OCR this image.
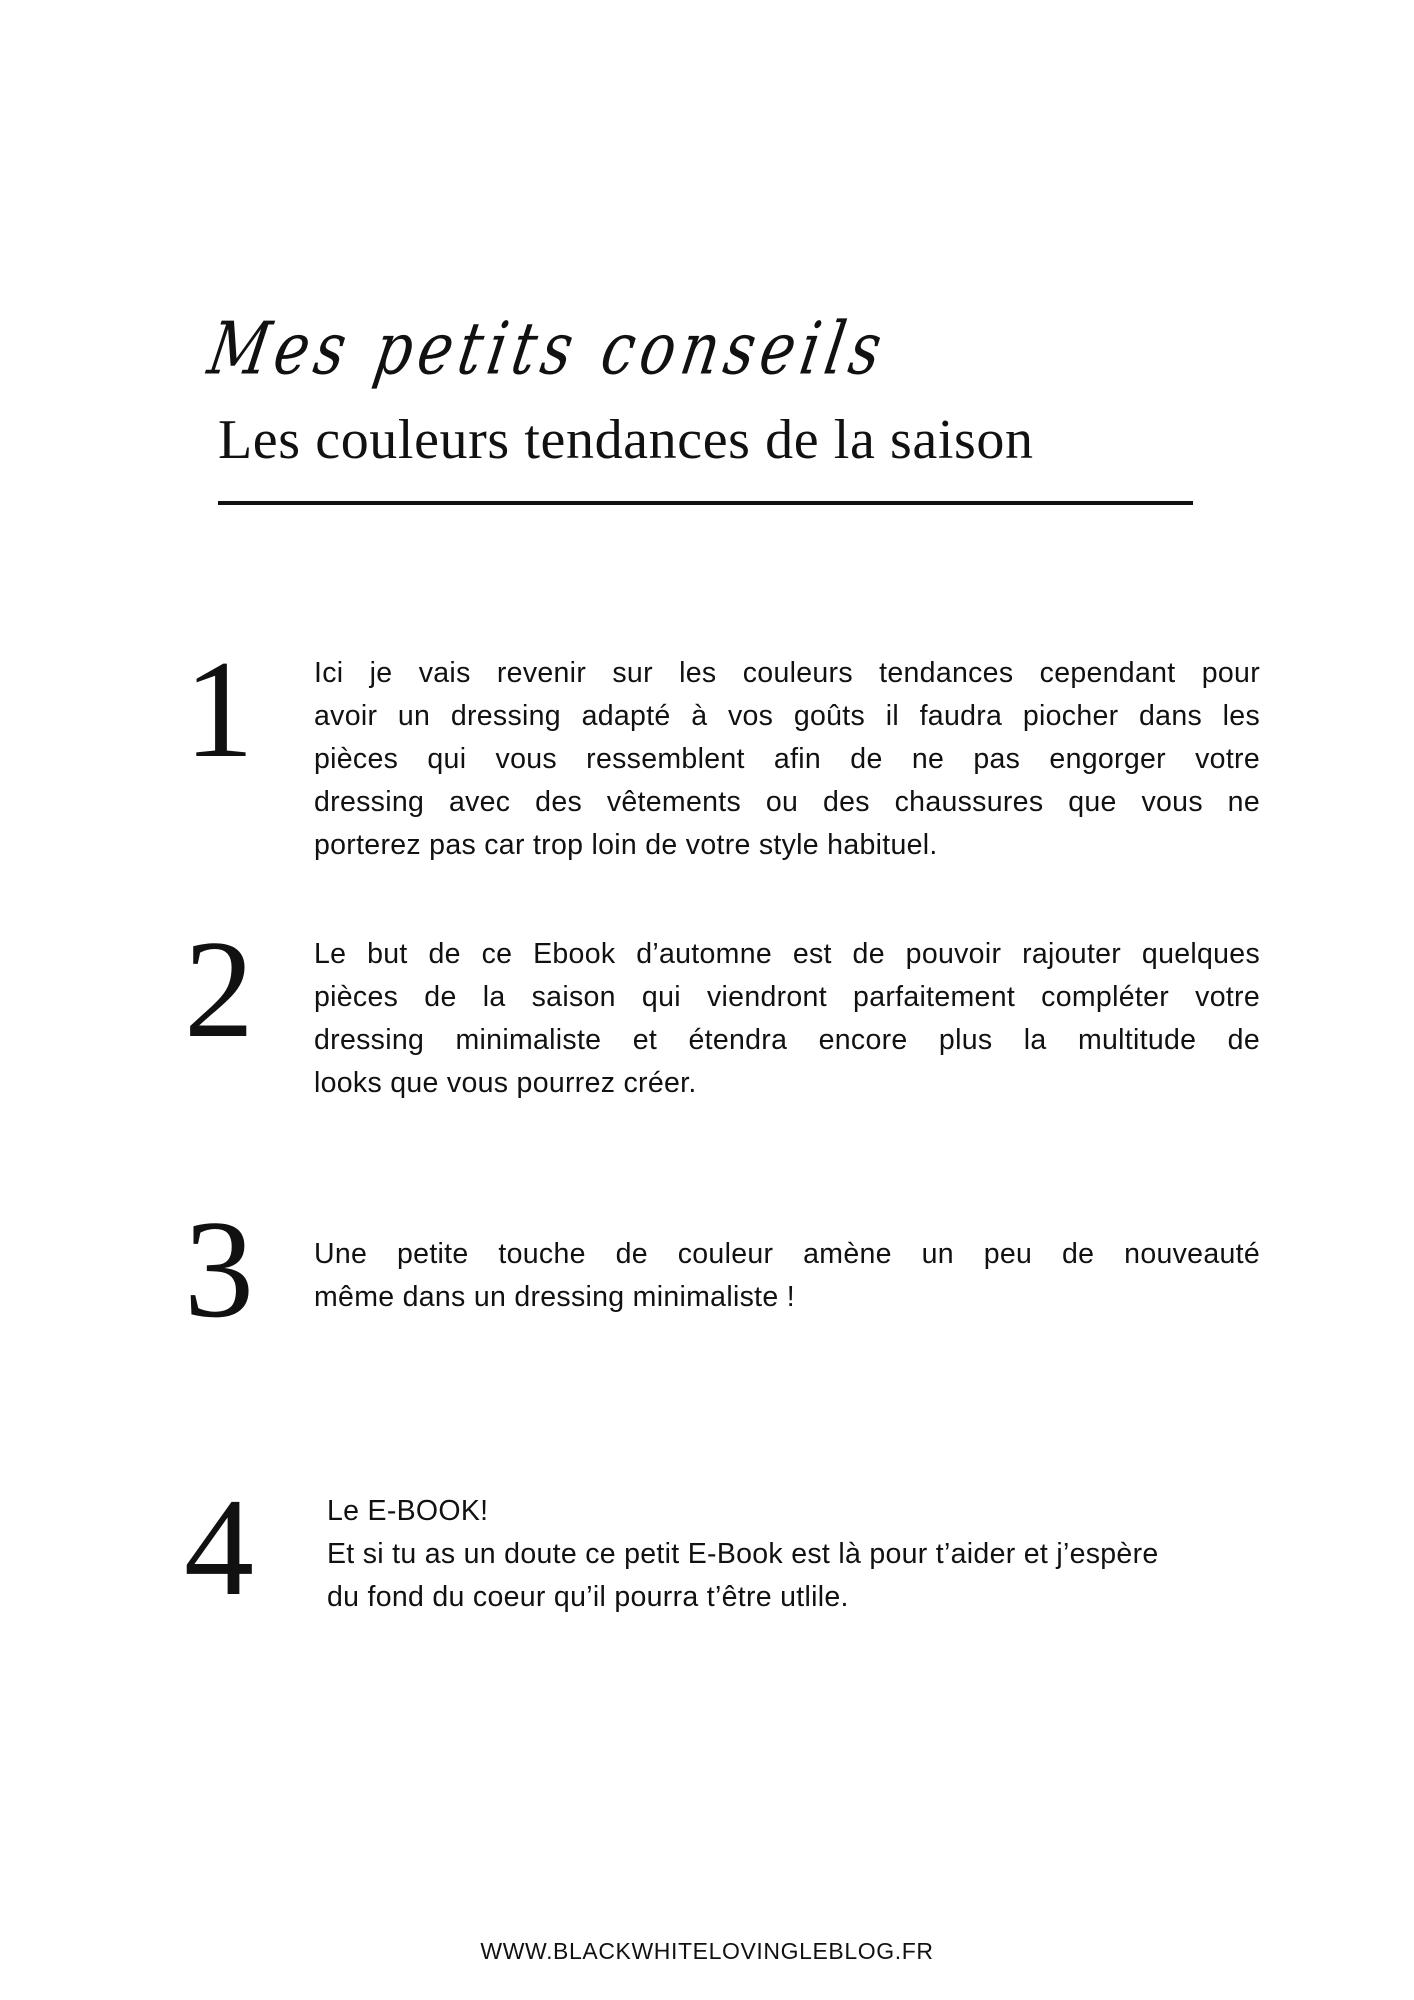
Mes petits conseils
Les couleurs tendances de la saison
1 Ici je vais revenir sur les couleurs tendances cependant pour
avoir un dressing adapté à vos goûts il faudra piocher dans les
pièces qui vous ressemblent afin de ne pas engorger votre
dressing avec des vêtements ou des chaussures que vous ne
porterez pas car trop loin de votre style habituel.
2 Le but de ce Ebook d’automne est de pouvoir rajouter quelques
pièces de la saison qui viendront parfaitement compléter votre
dressing minimaliste et étendra encore plus la multitude de
looks que vous pourrez créer.
3 Une petite touche de couleur amène un peu de nouveauté
même dans un dressing minimaliste !
4	Le E-BOOK!
Et si tu as un doute ce petit E-Book est là pour t’aider et j’espère
du fond du coeur qu’il pourra t’être utlile.
WWW.BLACKWHITELOVINGLEBLOG.FR
